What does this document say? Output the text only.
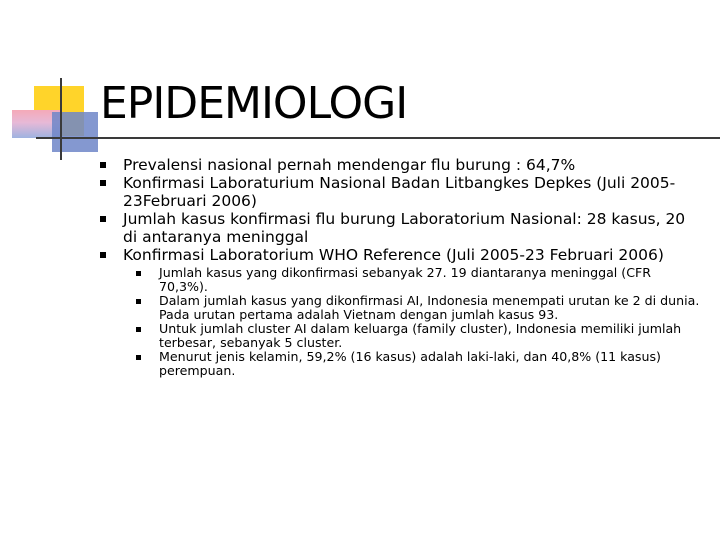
EPIDEMIOLOGI
Prevalensi nasional pernah mendengar flu burung : 64,7%
Konfirmasi Laboraturium Nasional Badan Litbangkes Depkes (Juli 2005-23Februari 2006)
Jumlah kasus konfirmasi flu burung Laboratorium Nasional: 28 kasus, 20 di antaranya meninggal
Konfirmasi Laboratorium WHO Reference (Juli 2005-23 Februari 2006)
Jumlah kasus yang dikonfirmasi sebanyak 27. 19 diantaranya meninggal (CFR 70,3%).
Dalam jumlah kasus yang dikonfirmasi AI, Indonesia menempati urutan ke 2 di dunia. Pada urutan pertama adalah Vietnam dengan jumlah kasus 93.
Untuk jumlah cluster AI dalam keluarga (family cluster), Indonesia memiliki jumlah terbesar, sebanyak 5 cluster.
Menurut jenis kelamin, 59,2% (16 kasus) adalah laki-laki, dan 40,8% (11 kasus) perempuan.
